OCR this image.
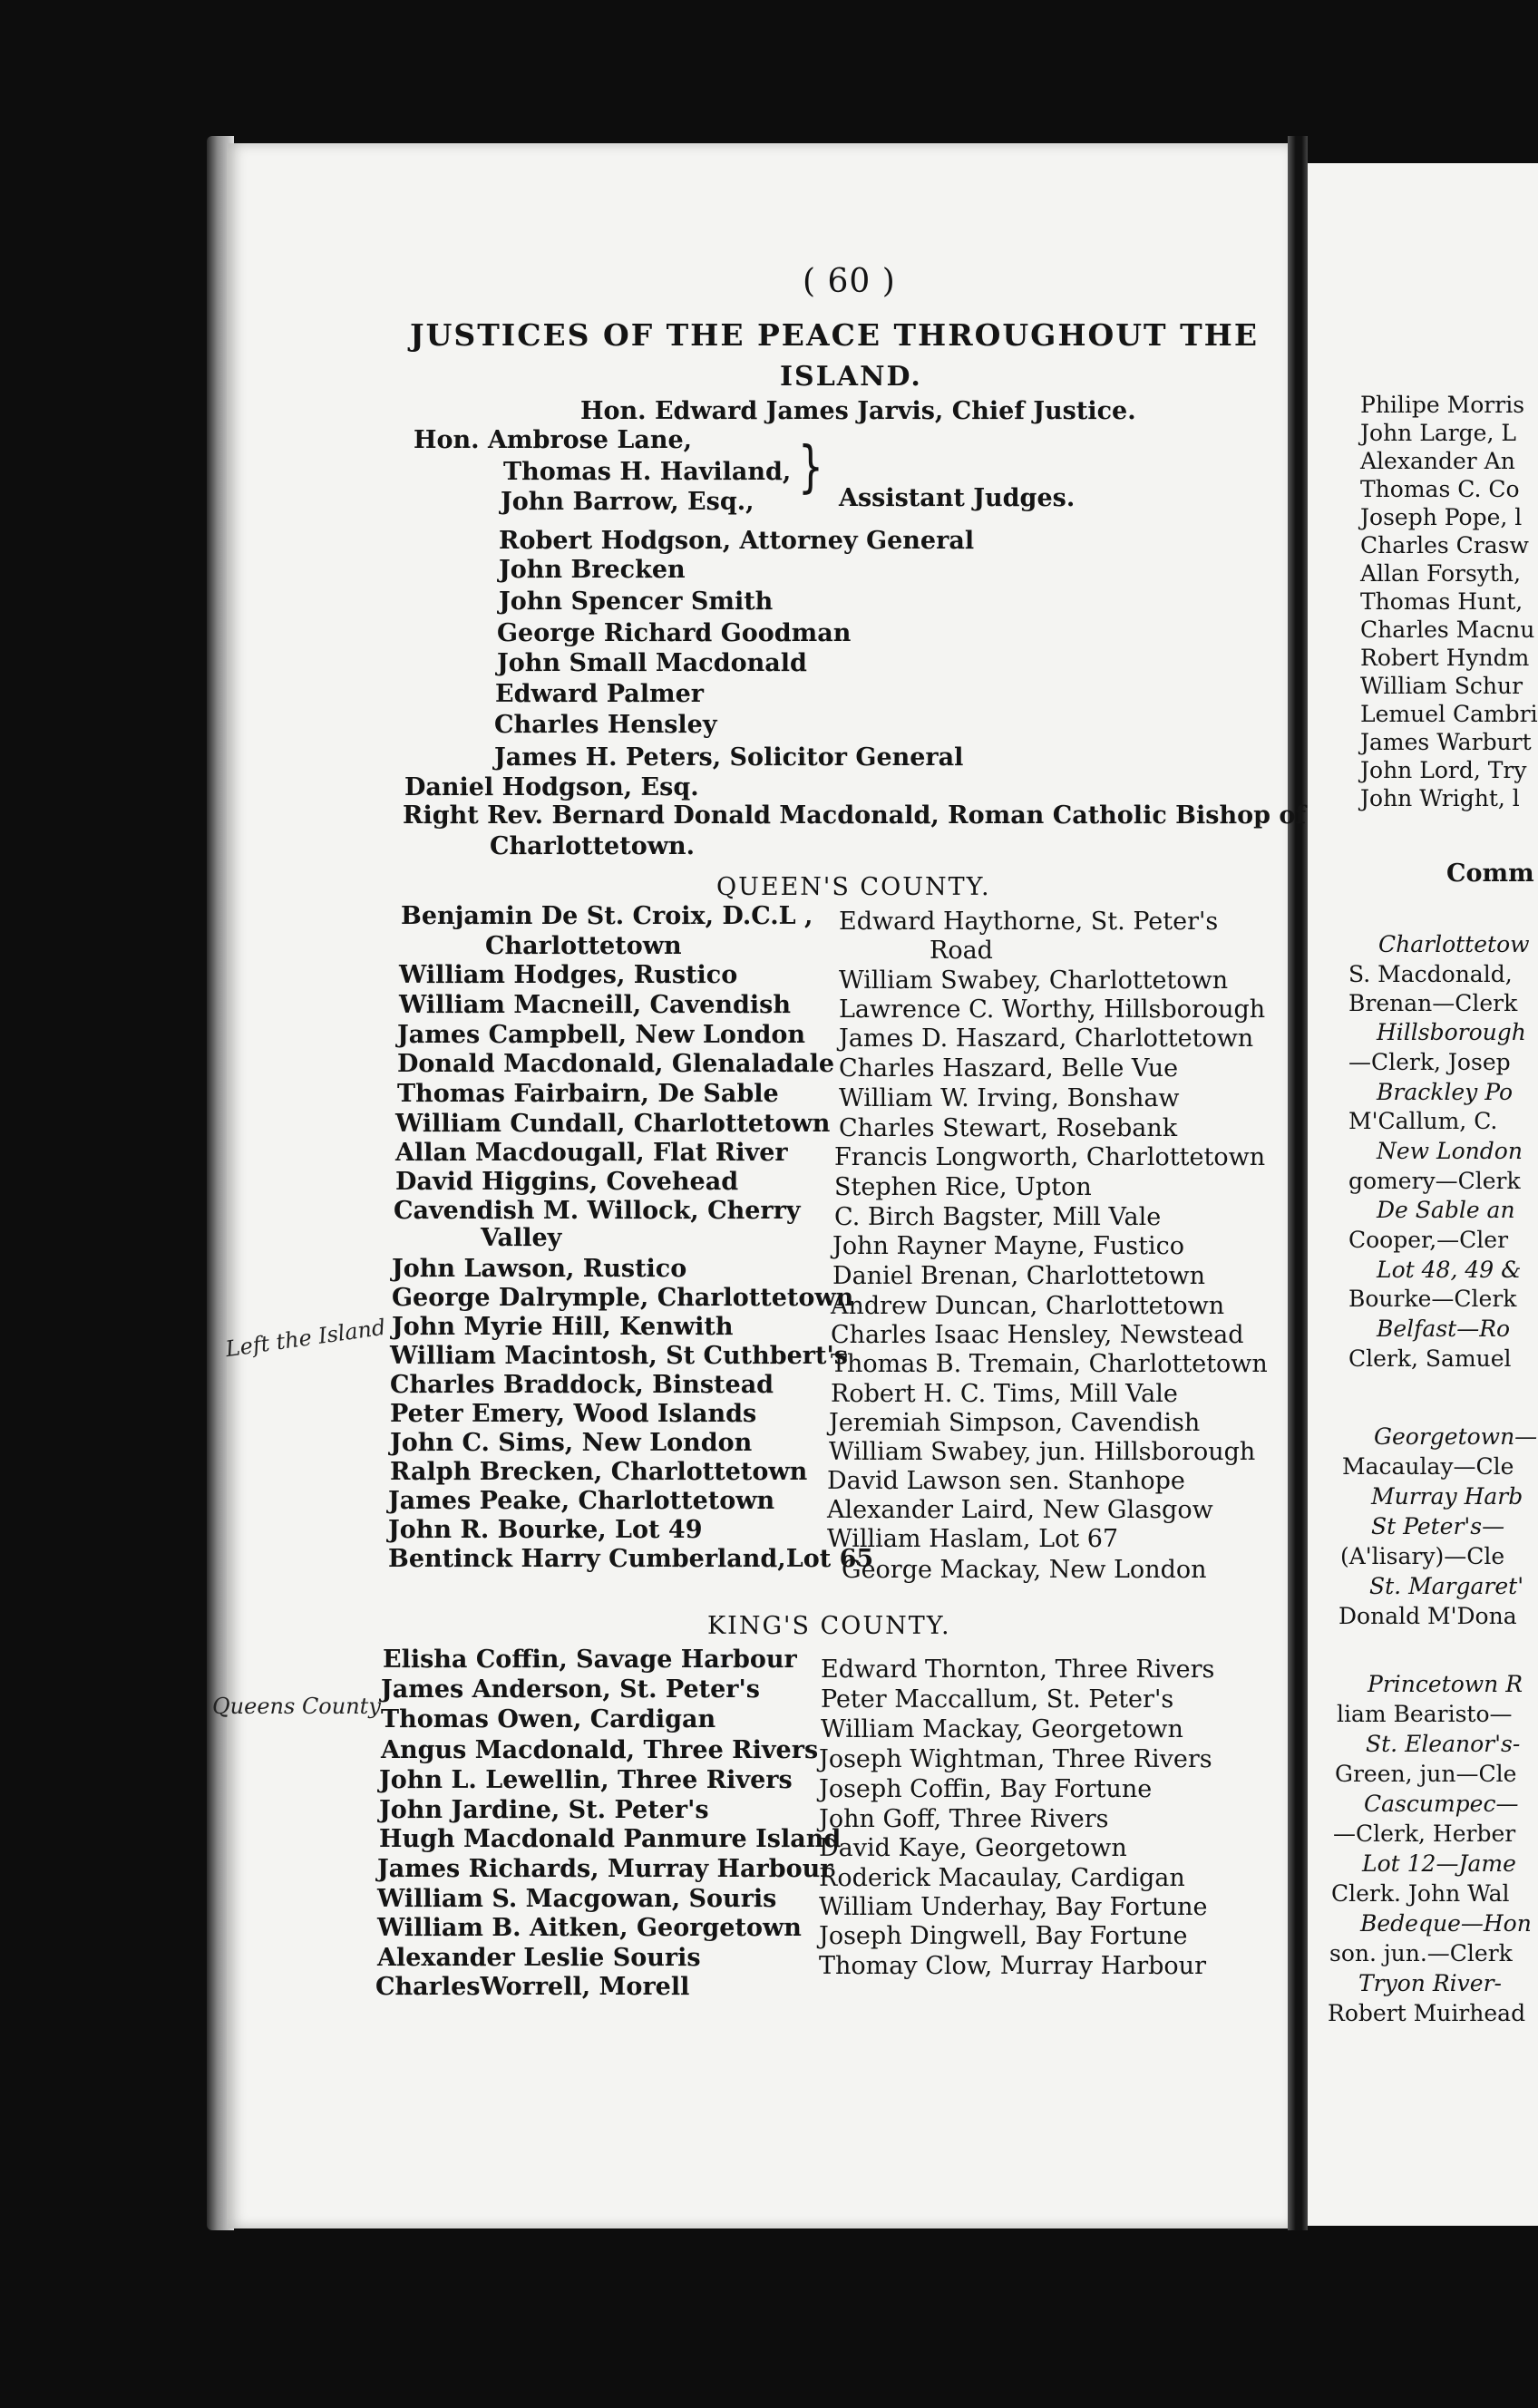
( 60 )
JUSTICES OF THE PEACE THROUGHOUT THE
ISLAND.
Hon. Edward James Jarvis, Chief Justice.
Hon. Ambrose Lane,
Thomas H. Haviland,
John Barrow, Esq.,
} Assistant Judges.
Robert Hodgson, Attorney General
John Brecken
John Spencer Smith
George Richard Goodman
John Small Macdonald
Edward Palmer
Charles Hensley
James H. Peters, Solicitor General
Daniel Hodgson, Esq.
Right Rev. Bernard Donald Macdonald, Roman Catholic Bishop of
Charlottetown.
QUEEN'S COUNTY.
Benjamin De St. Croix, D.C.L ,
Charlottetown
William Hodges, Rustico
William Macneill, Cavendish
James Campbell, New London
Donald Macdonald, Glenaladale
Thomas Fairbairn, De Sable
William Cundall, Charlottetown
Allan Macdougall, Flat River
David Higgins, Covehead
Cavendish M. Willock, Cherry
Valley
John Lawson, Rustico
George Dalrymple, Charlottetown
John Myrie Hill, Kenwith
William Macintosh, St Cuthbert's
Charles Braddock, Binstead
Peter Emery, Wood Islands
John C. Sims, New London
Ralph Brecken, Charlottetown
James Peake, Charlottetown
John R. Bourke, Lot 49
Bentinck Harry Cumberland,Lot 65
Edward Haythorne, St. Peter's
Road
William Swabey, Charlottetown
Lawrence C. Worthy, Hillsborough
James D. Haszard, Charlottetown
Charles Haszard, Belle Vue
William W. Irving, Bonshaw
Charles Stewart, Rosebank
Francis Longworth, Charlottetown
Stephen Rice, Upton
C. Birch Bagster, Mill Vale
John Rayner Mayne, Fustico
Daniel Brenan, Charlottetown
Andrew Duncan, Charlottetown
Charles Isaac Hensley, Newstead
Thomas B. Tremain, Charlottetown
Robert H. C. Tims, Mill Vale
Jeremiah Simpson, Cavendish
William Swabey, jun. Hillsborough
David Lawson sen. Stanhope
Alexander Laird, New Glasgow
William Haslam, Lot 67
George Mackay, New London
Left the Island
Queens County
KING'S COUNTY.
Elisha Coffin, Savage Harbour
James Anderson, St. Peter's
Thomas Owen, Cardigan
Angus Macdonald, Three Rivers
John L. Lewellin, Three Rivers
John Jardine, St. Peter's
Hugh Macdonald Panmure Island
James Richards, Murray Harbour
William S. Macgowan, Souris
William B. Aitken, Georgetown
Alexander Leslie Souris
CharlesWorrell, Morell
Edward Thornton, Three Rivers
Peter Maccallum, St. Peter's
William Mackay, Georgetown
Joseph Wightman, Three Rivers
Joseph Coffin, Bay Fortune
John Goff, Three Rivers
David Kaye, Georgetown
Roderick Macaulay, Cardigan
William Underhay, Bay Fortune
Joseph Dingwell, Bay Fortune
Thomay Clow, Murray Harbour
Philipe Morris
John Large, L
Alexander An
Thomas C. Co
Joseph Pope, l
Charles Crasw
Allan Forsyth,
Thomas Hunt,
Charles Macnu
Robert Hyndm
William Schur
Lemuel Cambri
James Warburt
John Lord, Try
John Wright, l
Comm
Charlottetow
S. Macdonald,
Brenan—Clerk
Hillsborough
—Clerk, Josep
Brackley Po
M'Callum, C.
New London
gomery—Clerk
De Sable an
Cooper,—Cler
Lot 48, 49 &
Bourke—Clerk
Belfast—Ro
Clerk, Samuel
Georgetown—
Macaulay—Cle
Murray Harb
St Peter's—
(A'lisary)—Cle
St. Margaret'
Donald M'Dona
Princetown R
liam Bearisto—
St. Eleanor's-
Green, jun—Cle
Cascumpec—
—Clerk, Herber
Lot 12—Jame
Clerk. John Wal
Bedeque—Hon
son. jun.—Clerk
Tryon River-
Robert Muirhead
